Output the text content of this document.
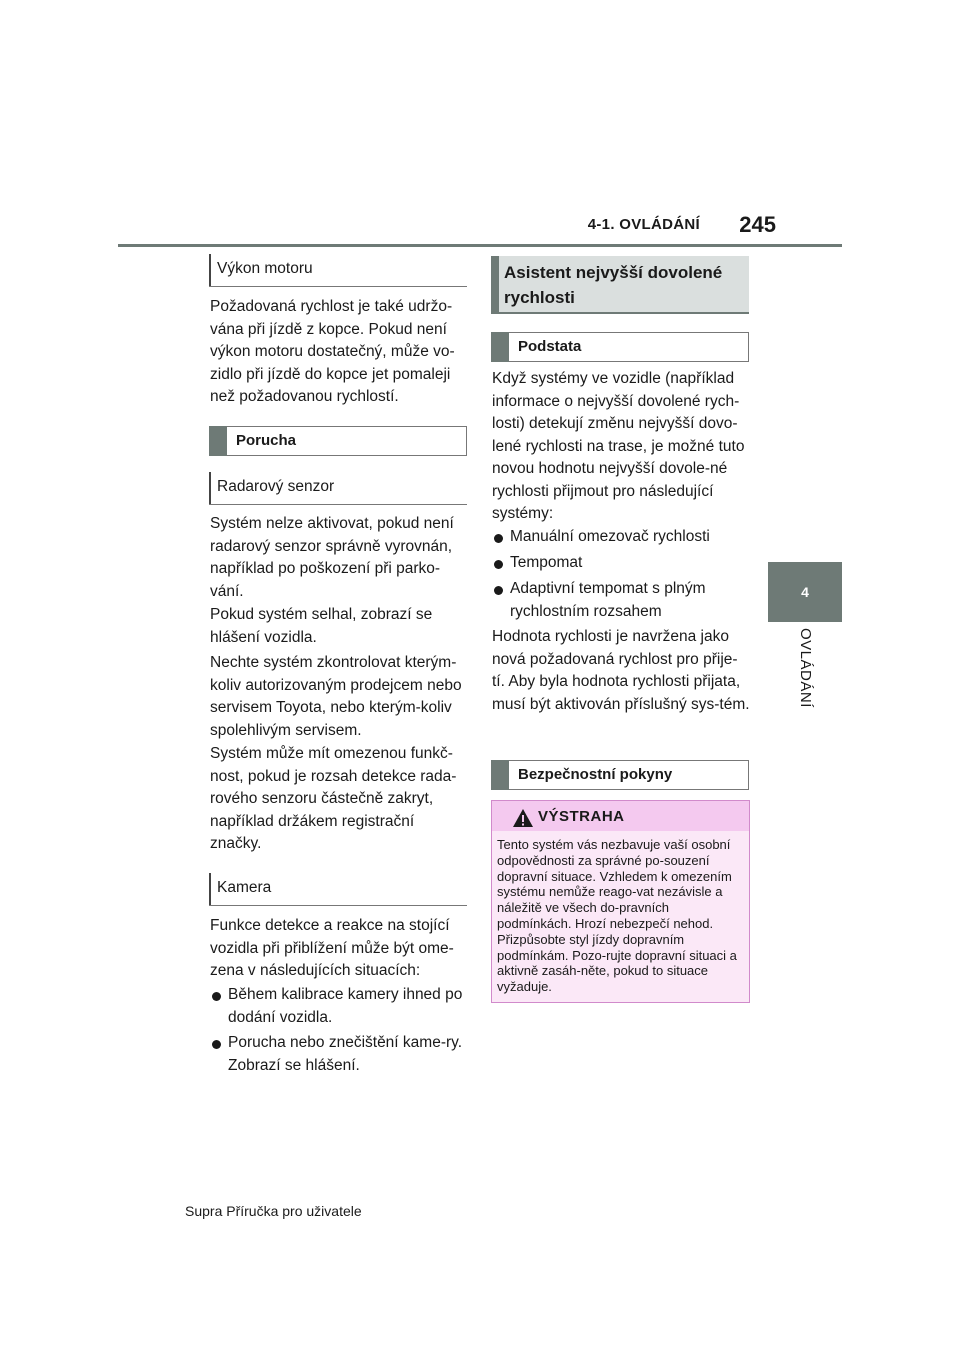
4-1. OVLÁDÁNÍ	245
4
OVLÁDÁNÍ
Výkon motoru
Požadovaná rychlost je také udržo-vána při jízdě z kopce. Pokud není výkon motoru dostatečný, může vo-zidlo při jízdě do kopce jet pomaleji než požadovanou rychlostí.
Porucha
Radarový senzor
Systém nelze aktivovat, pokud není radarový senzor správně vyrovnán, například po poškození při parko-vání.
Pokud systém selhal, zobrazí se hlášení vozidla.
Nechte systém zkontrolovat kterým-koliv autorizovaným prodejcem nebo servisem Toyota, nebo kterým-koliv spolehlivým servisem.
Systém může mít omezenou funkč-nost, pokud je rozsah detekce rada-rového senzoru částečně zakryt, například držákem registrační značky.
Kamera
Funkce detekce a reakce na stojící vozidla při přiblížení může být ome-zena v následujících situacích:
Během kalibrace kamery ihned po dodání vozidla.
Porucha nebo znečištění kame-ry. Zobrazí se hlášení.
Asistent nejvyšší dovolené rychlosti
Podstata
Když systémy ve vozidle (například informace o nejvyšší dovolené rych-losti) detekují změnu nejvyšší dovo-lené rychlosti na trase, je možné tuto novou hodnotu nejvyšší dovole-né rychlosti přijmout pro následující systémy:
Manuální omezovač rychlosti
Tempomat
Adaptivní tempomat s plným rychlostním rozsahem
Hodnota rychlosti je navržena jako nová požadovaná rychlost pro přije-tí. Aby byla hodnota rychlosti přijata, musí být aktivován příslušný sys-tém.
Bezpečnostní pokyny
VÝSTRAHA
Tento systém vás nezbavuje vaší osobní odpovědnosti za správné po-souzení dopravní situace. Vzhledem k omezením systému nemůže reago-vat nezávisle a náležitě ve všech do-pravních podmínkách. Hrozí nebezpečí nehod. Přizpůsobte styl jízdy dopravním podmínkám. Pozo-rujte dopravní situaci a aktivně zasáh-něte, pokud to situace vyžaduje.
Supra Příručka pro uživatele
